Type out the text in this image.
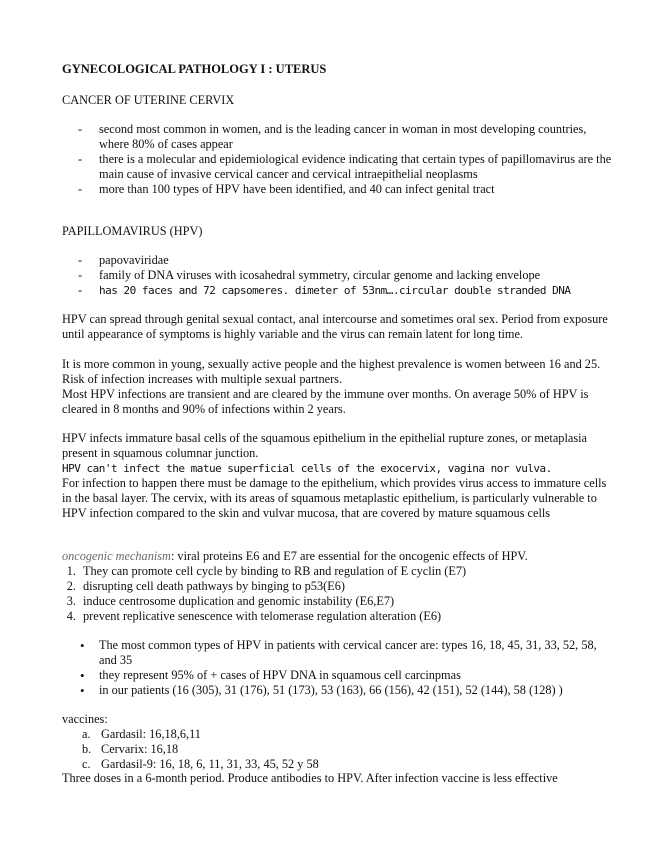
GYNECOLOGICAL PATHOLOGY I : UTERUS
CANCER OF UTERINE CERVIX
- second most common in women, and is the leading cancer in woman in most developing countries, where 80% of cases appear
- there is a molecular and epidemiological evidence indicating that certain types of papillomavirus are the main cause of invasive cervical cancer and cervical intraepithelial neoplasms
- more than 100 types of HPV have been identified, and 40 can infect genital tract
PAPILLOMAVIRUS (HPV)
- papovaviridae
- family of DNA viruses with icosahedral symmetry, circular genome and lacking envelope
- has 20 faces and 72 capsomeres. dimeter of 53nm….circular double stranded DNA

HPV can spread through genital sexual contact, anal intercourse and sometimes oral sex. Period from exposure until appearance of symptoms is highly variable and the virus can remain latent for long time.

It is more common in young, sexually active people and the highest prevalence is women between 16 and 25. Risk of infection increases with multiple sexual partners.

Most HPV infections are transient and are cleared by the immune over months. On average 50% of HPV is cleared in 8 months and 90% of infections within 2 years.

HPV infects immature basal cells of the squamous epithelium in the epithelial rupture zones, or metaplasia present in squamous columnar junction.

HPV can't infect the matue superficial cells of the exocervix, vagina nor vulva.

For infection to happen there must be damage to the epithelium, which provides virus access to immature cells in the basal layer. The cervix, with its areas of squamous metaplastic epithelium, is particularly vulnerable to HPV infection compared to the skin and vulvar mucosa, that are covered by mature squamous cells

oncogenic mechanism: viral proteins E6 and E7 are essential for the oncogenic effects of HPV.

1. They can promote cell cycle by binding to RB and regulation of E cyclin (E7)
2. disrupting cell death pathways by binging to p53(E6)
3. induce centrosome duplication and genomic instability (E6,E7)
4. prevent replicative senescence with telomerase regulation alteration (E6)
• The most common types of HPV in patients with cervical cancer are: types 16, 18, 45, 31, 33, 52, 58, and 35
• they represent 95% of + cases of HPV DNA in squamous cell carcinpmas
• in our patients (16 (305), 31 (176), 51 (173), 53 (163), 66 (156), 42 (151), 52 (144), 58 (128) )
vaccines:
a. Gardasil: 16,18,6,11
b. Cervarix: 16,18
c. Gardasil-9: 16, 18, 6, 11, 31, 33, 45, 52 y 58

Three doses in a 6-month period. Produce antibodies to HPV. After infection vaccine is less effective
